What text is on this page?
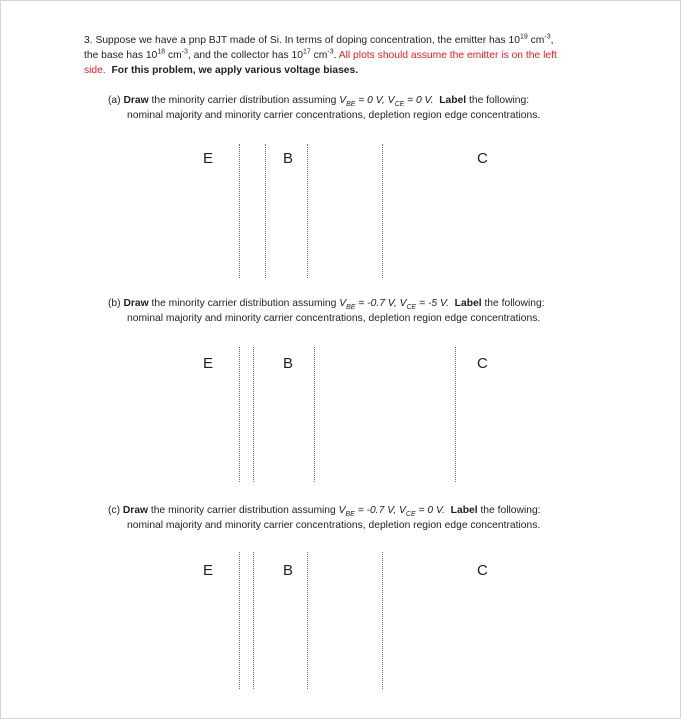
3. Suppose we have a pnp BJT made of Si. In terms of doping concentration, the emitter has $10^{19}$ $cm^{-3}$,
the base has $10^{18}$ $cm^{-3}$, and the collector has $10^{17}$ $cm^{-3}$. All plots should assume the emitter is on the left
side. For this problem, we apply various voltage biases.
(a) Draw the minority carrier distribution assuming $V_{BE} = 0$ V, $V_{CE} = 0$ V. Label the following:
nominal majority and minority carrier concentrations, depletion region edge concentrations.
E	B	C
(b) Draw the minority carrier distribution assuming $V_{BE} = -0.7$ V, $V_{CE} = -5$ V. Label the following:
nominal majority and minority carrier concentrations, depletion region edge concentrations.
E	B	C
(c) Draw the minority carrier distribution assuming $V_{BE} = -0.7$ V, $V_{CE} = 0$ V. Label the following:
nominal majority and minority carrier concentrations, depletion region edge concentrations.
E	B	C
